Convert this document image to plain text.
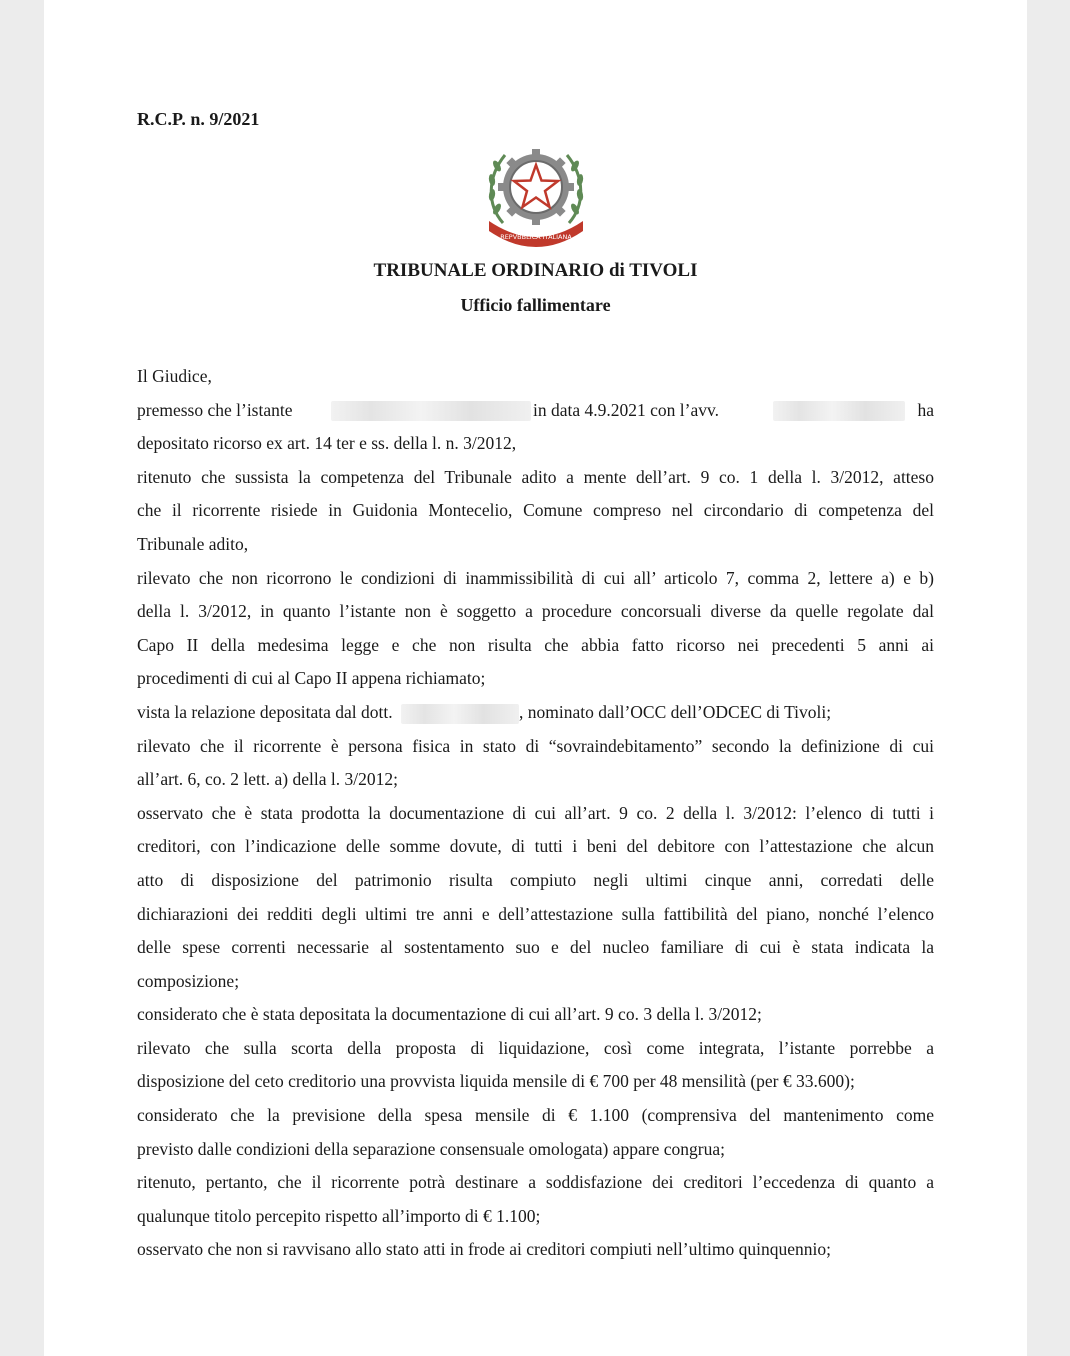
R.C.P. n. 9/2021
REPVBBLICA ITALIANA
TRIBUNALE ORDINARIO di TIVOLI
Ufficio fallimentare
Il Giudice,
premesso che l’istante	in data 4.9.2021 con l’avv.	ha
depositato ricorso ex art. 14 ter e ss. della l. n. 3/2012,
ritenuto che sussista la competenza del Tribunale adito a mente dell’art. 9 co. 1 della l. 3/2012, atteso
che il ricorrente risiede in Guidonia Montecelio, Comune compreso nel circondario di competenza del
Tribunale adito,
rilevato che non ricorrono le condizioni di inammissibilità di cui all’ articolo 7, comma 2, lettere a) e b)
della l. 3/2012, in quanto l’istante non è soggetto a procedure concorsuali diverse da quelle regolate dal
Capo II della medesima legge e che non risulta che abbia fatto ricorso nei precedenti 5 anni ai
procedimenti di cui al Capo II appena richiamato;
vista la relazione depositata dal dott.	, nominato dall’OCC dell’ODCEC di Tivoli;
rilevato che il ricorrente è persona fisica in stato di “sovraindebitamento” secondo la definizione di cui
all’art. 6, co. 2 lett. a) della l. 3/2012;
osservato che è stata prodotta la documentazione di cui all’art. 9 co. 2 della l. 3/2012: l’elenco di tutti i
creditori, con l’indicazione delle somme dovute, di tutti i beni del debitore con l’attestazione che alcun
atto di disposizione del patrimonio risulta compiuto negli ultimi cinque anni, corredati delle
dichiarazioni dei redditi degli ultimi tre anni e dell’attestazione sulla fattibilità del piano, nonché l’elenco
delle spese correnti necessarie al sostentamento suo e del nucleo familiare di cui è stata indicata la
composizione;
considerato che è stata depositata la documentazione di cui all’art. 9 co. 3 della l. 3/2012;
rilevato che sulla scorta della proposta di liquidazione, così come integrata, l’istante porrebbe a
disposizione del ceto creditorio una provvista liquida mensile di € 700 per 48 mensilità (per € 33.600);
considerato che la previsione della spesa mensile di € 1.100 (comprensiva del mantenimento come
previsto dalle condizioni della separazione consensuale omologata) appare congrua;
ritenuto, pertanto, che il ricorrente potrà destinare a soddisfazione dei creditori l’eccedenza di quanto a
qualunque titolo percepito rispetto all’importo di € 1.100;
osservato che non si ravvisano allo stato atti in frode ai creditori compiuti nell’ultimo quinquennio;
